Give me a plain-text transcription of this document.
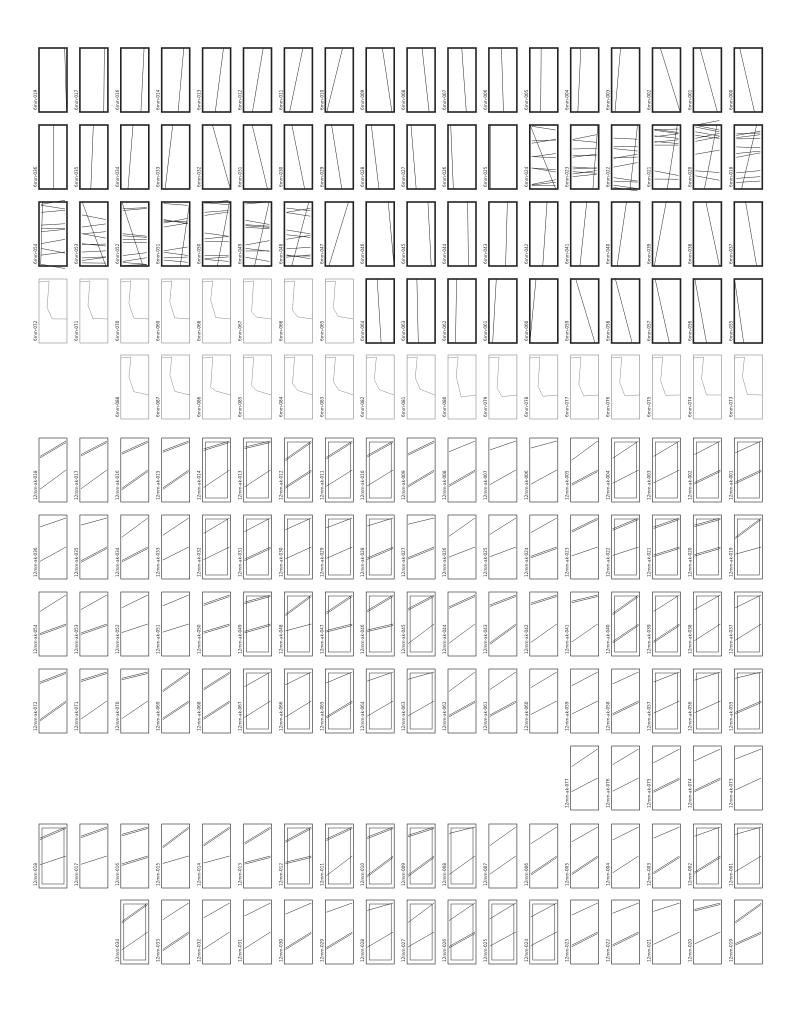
6mm-019	6mm-017	6mm-016	6mm-014	6mm-013	6mm-012	6mm-011	6mm-010	6mm-009	6mm-008	6mm-007	6mm-006	6mm-005	6mm-004	6mm-003	6mm-002	6mm-001	6mm-000
6mm-036	6mm-035	6mm-034	6mm-033	6mm-032	6mm-031	6mm-030	6mm-029	6mm-028	6mm-027	6mm-026	6mm-025	6mm-024	6mm-023	6mm-022	6mm-021	6mm-020	6mm-018
6mm-054	6mm-053	6mm-052	6mm-051	6mm-050	6mm-049	6mm-048	6mm-047	6mm-046	6mm-045	6mm-044	6mm-043	6mm-042	6mm-041	6mm-040	6mm-039	6mm-038	6mm-037
6mm-072	6mm-071	6mm-070	6mm-069	6mm-068	6mm-067	6mm-066	6mm-065	6mm-064	6mm-063	6mm-062	6mm-061	6mm-060	6mm-059	6mm-058	6mm-057	6mm-056	6mm-055
6mm-088	6mm-087	6mm-086	6mm-085	6mm-084	6mm-083	6mm-082	6mm-081	6mm-080	6mm-079	6mm-078	6mm-077	6mm-076	6mm-075	6mm-074	6mm-073
12mm-ak-018	12mm-ak-017	12mm-ak-016	12mm-ak-015	12mm-ak-014	12mm-ak-013	12mm-ak-012	12mm-ak-011	12mm-ak-010	12mm-ak-009	12mm-ak-008	12mm-ak-007	12mm-ak-006	12mm-ak-005	12mm-ak-004	12mm-ak-003	12mm-ak-002	12mm-ak-001
12mm-ak-036	12mm-ak-035	12mm-ak-034	12mm-ak-033	12mm-ak-032	12mm-ak-031	12mm-ak-030	12mm-ak-029	12mm-ak-028	12mm-ak-027	12mm-ak-026	12mm-ak-025	12mm-ak-024	12mm-ak-023	12mm-ak-022	12mm-ak-021	12mm-ak-020	12mm-ak-019
12mm-ak-054	12mm-ak-053	12mm-ak-052	12mm-ak-051	12mm-ak-050	12mm-ak-049	12mm-ak-048	12mm-ak-047	12mm-ak-046	12mm-ak-045	12mm-ak-044	12mm-ak-043	12mm-ak-042	12mm-ak-041	12mm-ak-040	12mm-ak-039	12mm-ak-038	12mm-ak-037
12mm-ak-072	12mm-ak-071	12mm-ak-070	12mm-ak-069	12mm-ak-068	12mm-ak-067	12mm-ak-066	12mm-ak-065	12mm-ak-064	12mm-ak-063	12mm-ak-062	12mm-ak-061	12mm-ak-060	12mm-ak-059	12mm-ak-058	12mm-ak-057	12mm-ak-056	12mm-ak-055
12mm-ak-077	12mm-ak-076	12mm-ak-075	12mm-ak-074	12mm-ak-073
12mm-018	12mm-017	12mm-016	12mm-015	12mm-014	12mm-013	12mm-012	12mm-011	12mm-010	12mm-009	12mm-008	12mm-007	12mm-006	12mm-005	12mm-004	12mm-003	12mm-002	12mm-001
12mm-034	12mm-033	12mm-032	12mm-031	12mm-030	12mm-029	12mm-028	12mm-027	12mm-026	12mm-025	12mm-024	12mm-023	12mm-022	12mm-021	12mm-020	12mm-019
